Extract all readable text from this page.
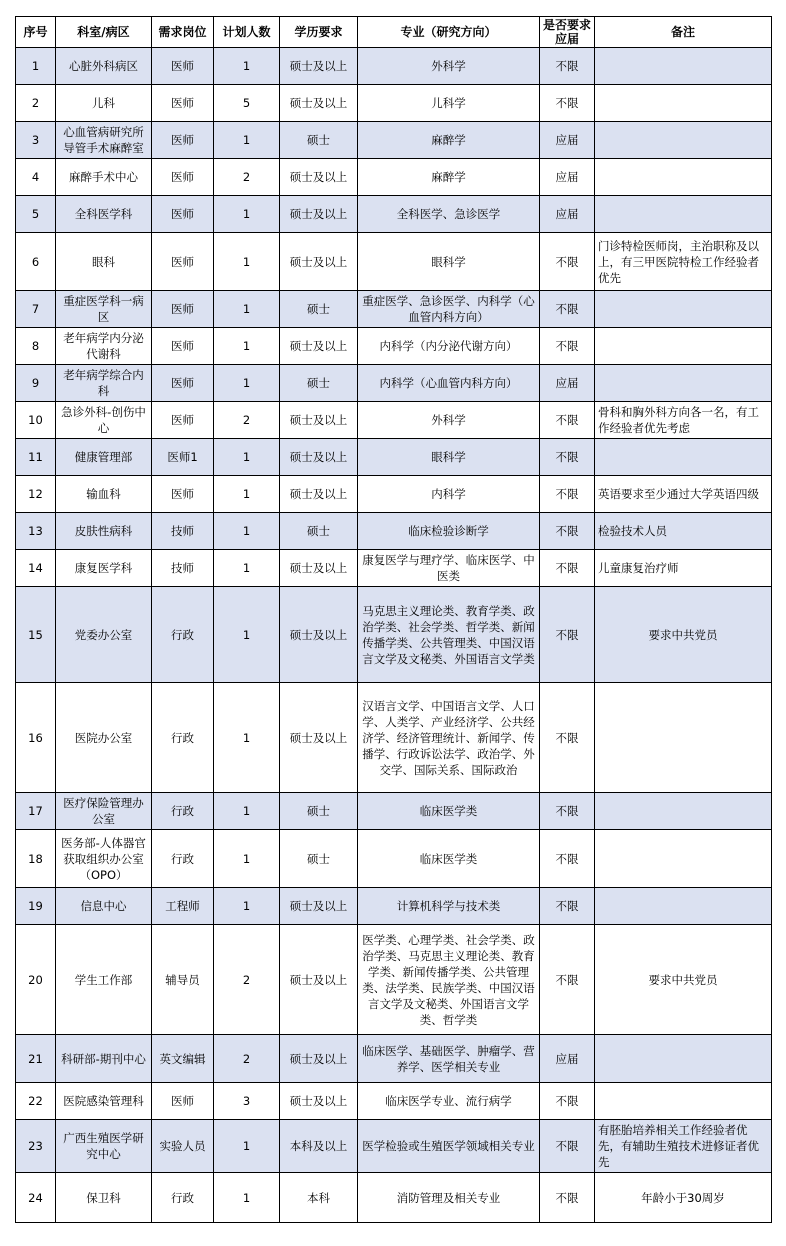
序号	科室/病区	需求岗位	计划人数	学历要求	专业（研究方向）	是否要求应届	备注
1	心脏外科病区	医师	1	硕士及以上	外科学	不限	
2	儿科	医师	5	硕士及以上	儿科学	不限	
3	心血管病研究所导管手术麻醉室	医师	1	硕士	麻醉学	应届	
4	麻醉手术中心	医师	2	硕士及以上	麻醉学	应届	
5	全科医学科	医师	1	硕士及以上	全科医学、急诊医学	应届	
6	眼科	医师	1	硕士及以上	眼科学	不限	门诊特检医师岗，主治职称及以上，有三甲医院特检工作经验者优先
7	重症医学科一病区	医师	1	硕士	重症医学、急诊医学、内科学（心血管内科方向）	不限	
8	老年病学内分泌代谢科	医师	1	硕士及以上	内科学（内分泌代谢方向）	不限	
9	老年病学综合内科	医师	1	硕士	内科学（心血管内科方向）	应届	
10	急诊外科-创伤中心	医师	2	硕士及以上	外科学	不限	骨科和胸外科方向各一名，有工作经验者优先考虑
11	健康管理部	医师1	1	硕士及以上	眼科学	不限	
12	输血科	医师	1	硕士及以上	内科学	不限	英语要求至少通过大学英语四级
13	皮肤性病科	技师	1	硕士	临床检验诊断学	不限	检验技术人员
14	康复医学科	技师	1	硕士及以上	康复医学与理疗学、临床医学、中医类	不限	儿童康复治疗师
15	党委办公室	行政	1	硕士及以上	马克思主义理论类、教育学类、政治学类、社会学类、哲学类、新闻传播学类、公共管理类、中国汉语言文学及文秘类、外国语言文学类	不限	要求中共党员
16	医院办公室	行政	1	硕士及以上	汉语言文学、中国语言文学、人口学、人类学、产业经济学、公共经济学、经济管理统计、新闻学、传播学、行政诉讼法学、政治学、外交学、国际关系、国际政治	不限	
17	医疗保险管理办公室	行政	1	硕士	临床医学类	不限	
18	医务部-人体器官获取组织办公室（OPO）	行政	1	硕士	临床医学类	不限	
19	信息中心	工程师	1	硕士及以上	计算机科学与技术类	不限	
20	学生工作部	辅导员	2	硕士及以上	医学类、心理学类、社会学类、政治学类、马克思主义理论类、教育学类、新闻传播学类、公共管理类、法学类、民族学类、中国汉语言文学及文秘类、外国语言文学类、哲学类	不限	要求中共党员
21	科研部-期刊中心	英文编辑	2	硕士及以上	临床医学、基础医学、肿瘤学、营养学、医学相关专业	应届	
22	医院感染管理科	医师	3	硕士及以上	临床医学专业、流行病学	不限	
23	广西生殖医学研究中心	实验人员	1	本科及以上	医学检验或生殖医学领域相关专业	不限	有胚胎培养相关工作经验者优先，有辅助生殖技术进修证者优先
24	保卫科	行政	1	本科	消防管理及相关专业	不限	年龄小于30周岁
